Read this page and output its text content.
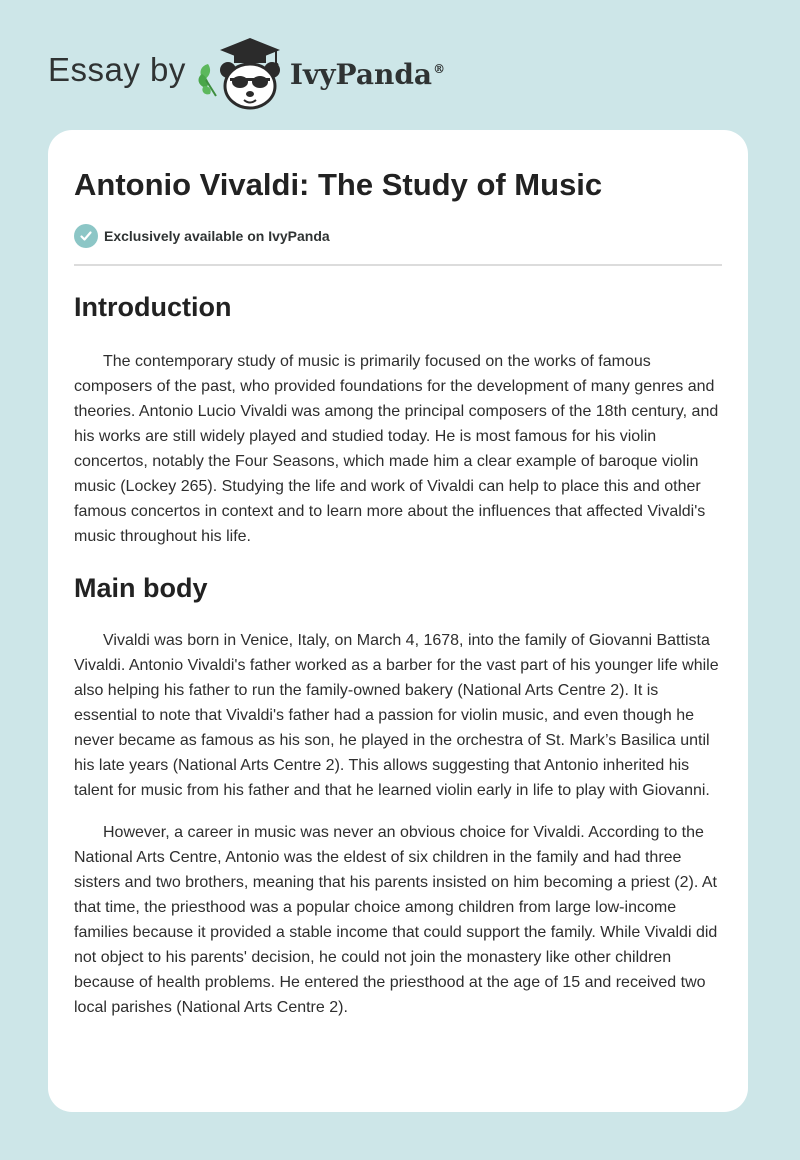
Essay by	IvyPanda®
Antonio Vivaldi: The Study of Music
Exclusively available on IvyPanda
Introduction

The contemporary study of music is primarily focused on the works of famous composers of the past, who provided foundations for the development of many genres and theories. Antonio Lucio Vivaldi was among the principal composers of the 18th century, and his works are still widely played and studied today. He is most famous for his violin concertos, notably the Four Seasons, which made him a clear example of baroque violin music (Lockey 265). Studying the life and work of Vivaldi can help to place this and other famous concertos in context and to learn more about the influences that affected Vivaldi's music throughout his life.

Main body

Vivaldi was born in Venice, Italy, on March 4, 1678, into the family of Giovanni Battista Vivaldi. Antonio Vivaldi's father worked as a barber for the vast part of his younger life while also helping his father to run the family-owned bakery (National Arts Centre 2). It is essential to note that Vivaldi's father had a passion for violin music, and even though he never became as famous as his son, he played in the orchestra of St. Mark’s Basilica until his late years (National Arts Centre 2). This allows suggesting that Antonio inherited his talent for music from his father and that he learned violin early in life to play with Giovanni.

However, a career in music was never an obvious choice for Vivaldi. According to the National Arts Centre, Antonio was the eldest of six children in the family and had three sisters and two brothers, meaning that his parents insisted on him becoming a priest (2). At that time, the priesthood was a popular choice among children from large low-income families because it provided a stable income that could support the family. While Vivaldi did not object to his parents' decision, he could not join the monastery like other children because of health problems. He entered the priesthood at the age of 15 and received two local parishes (National Arts Centre 2).
